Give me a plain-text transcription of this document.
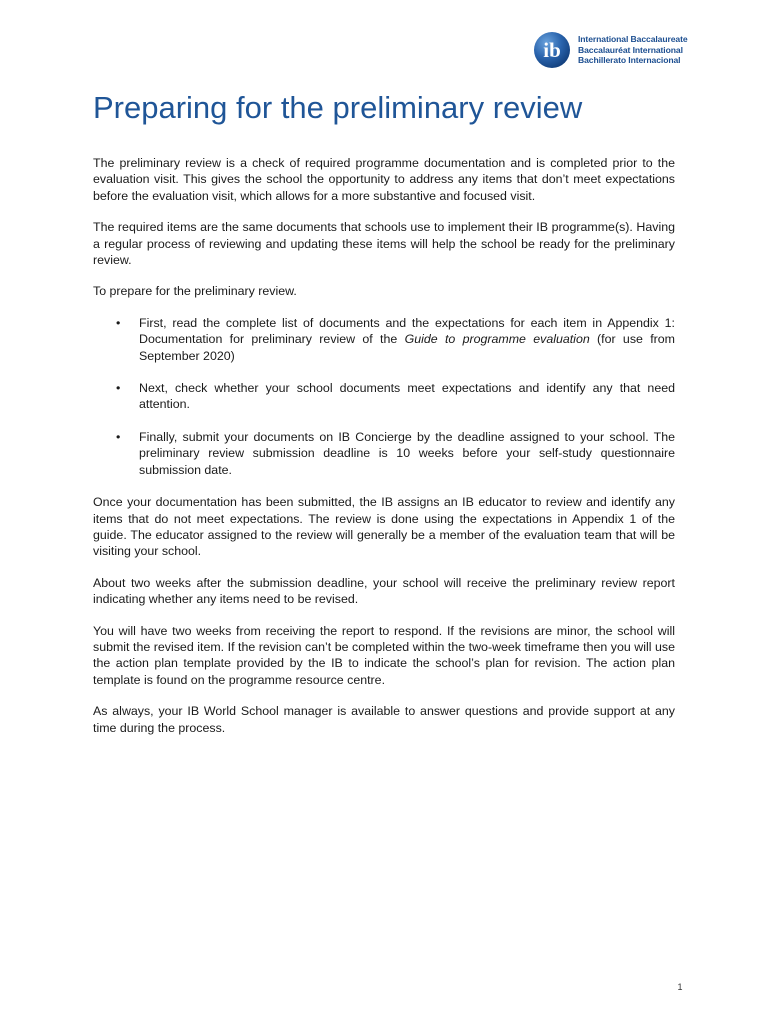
ib International Baccalaureate
Baccalauréat International
Bachillerato Internacional
Preparing for the preliminary review

The preliminary review is a check of required programme documentation and is completed prior to the evaluation visit. This gives the school the opportunity to address any items that don’t meet expectations before the evaluation visit, which allows for a more substantive and focused visit.

The required items are the same documents that schools use to implement their IB programme(s). Having a regular process of reviewing and updating these items will help the school be ready for the preliminary review.

To prepare for the preliminary review.

• First, read the complete list of documents and the expectations for each item in Appendix 1: Documentation for preliminary review of the Guide to programme evaluation (for use from September 2020)
• Next, check whether your school documents meet expectations and identify any that need attention.
• Finally, submit your documents on IB Concierge by the deadline assigned to your school. The preliminary review submission deadline is 10 weeks before your self-study questionnaire submission date.

Once your documentation has been submitted, the IB assigns an IB educator to review and identify any items that do not meet expectations. The review is done using the expectations in Appendix 1 of the guide. The educator assigned to the review will generally be a member of the evaluation team that will be visiting your school.

About two weeks after the submission deadline, your school will receive the preliminary review report indicating whether any items need to be revised.

You will have two weeks from receiving the report to respond. If the revisions are minor, the school will submit the revised item. If the revision can’t be completed within the two-week timeframe then you will use the action plan template provided by the IB to indicate the school’s plan for revision. The action plan template is found on the programme resource centre.

As always, your IB World School manager is available to answer questions and provide support at any time during the process.

1
